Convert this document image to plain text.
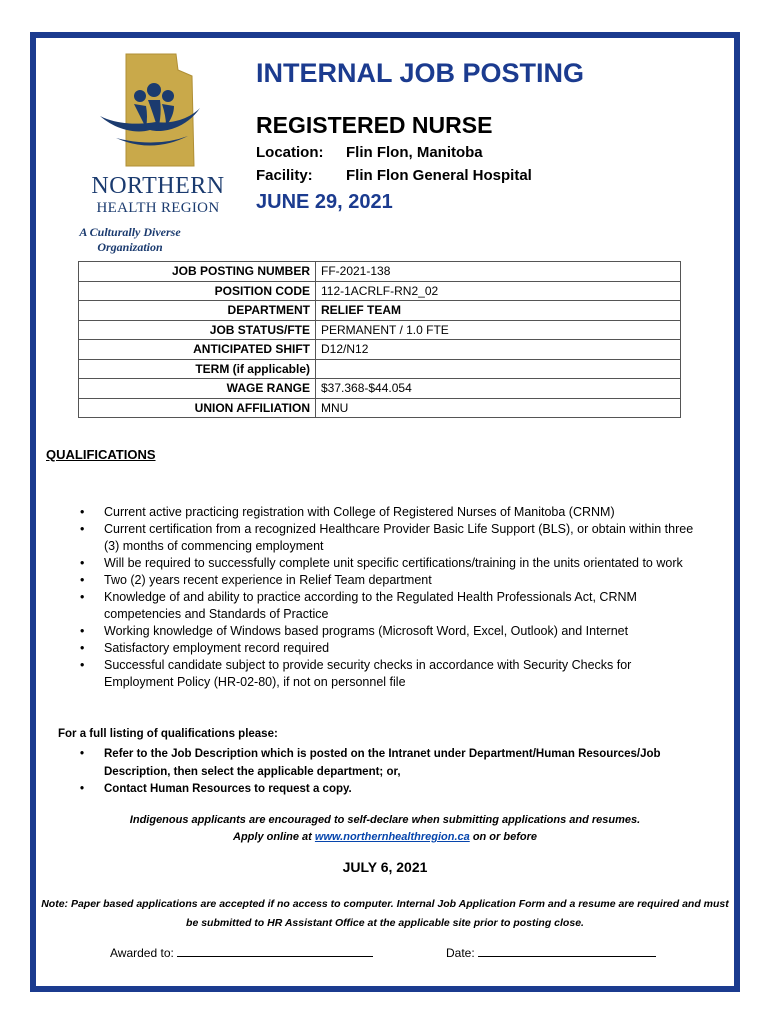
NORTHERN
HEALTH REGION
A Culturally Diverse Organization
INTERNAL JOB POSTING
REGISTERED NURSE
Location: Flin Flon, Manitoba
Facility: Flin Flon General Hospital
JUNE 29, 2021
JOB POSTING NUMBER	FF-2021-138
POSITION CODE	112-1ACRLF-RN2_02
DEPARTMENT	RELIEF TEAM
JOB STATUS/FTE	PERMANENT / 1.0 FTE
ANTICIPATED SHIFT	D12/N12
TERM (if applicable)	
WAGE RANGE	$37.368-$44.054
UNION AFFILIATION	MNU
QUALIFICATIONS
• Current active practicing registration with College of Registered Nurses of Manitoba (CRNM)
• Current certification from a recognized Healthcare Provider Basic Life Support (BLS), or obtain within three (3) months of commencing employment
• Will be required to successfully complete unit specific certifications/training in the units orientated to work
• Two (2) years recent experience in Relief Team department
• Knowledge of and ability to practice according to the Regulated Health Professionals Act, CRNM competencies and Standards of Practice
• Working knowledge of Windows based programs (Microsoft Word, Excel, Outlook) and Internet
• Satisfactory employment record required
• Successful candidate subject to provide security checks in accordance with Security Checks for Employment Policy (HR-02-80), if not on personnel file
For a full listing of qualifications please:
• Refer to the Job Description which is posted on the Intranet under Department/Human Resources/Job Description, then select the applicable department; or,
• Contact Human Resources to request a copy.
Indigenous applicants are encouraged to self-declare when submitting applications and resumes.
Apply online at www.northernhealthregion.ca on or before
JULY 6, 2021
Note: Paper based applications are accepted if no access to computer. Internal Job Application Form and a resume are required and must be submitted to HR Assistant Office at the applicable site prior to posting close.
Awarded to:	Date:
